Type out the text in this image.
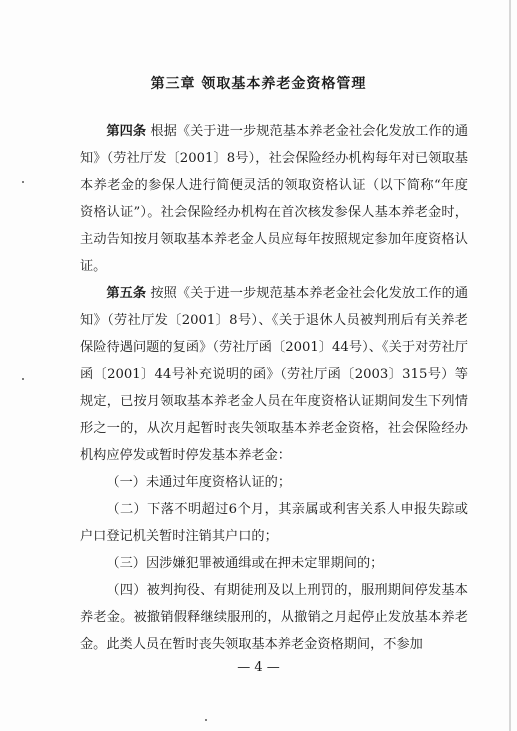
第三章 领取基本养老金资格管理

第四条 根据《关于进一步规范基本养老金社会化发放工作的通知》（劳社厅发〔2001〕8号），社会保险经办机构每年对已领取基本养老金的参保人进行简便灵活的领取资格认证（以下简称“年度资格认证”）。社会保险经办机构在首次核发参保人基本养老金时，主动告知按月领取基本养老金人员应每年按照规定参加年度资格认证。

第五条 按照《关于进一步规范基本养老金社会化发放工作的通知》（劳社厅发〔2001〕8号）、《关于退休人员被判刑后有关养老保险待遇问题的复函》（劳社厅函〔2001〕44号）、《关于对劳社厅函〔2001〕44号补充说明的函》（劳社厅函〔2003〕315号）等规定，已按月领取基本养老金人员在年度资格认证期间发生下列情形之一的，从次月起暂时丧失领取基本养老金资格，社会保险经办机构应停发或暂时停发基本养老金：

（一）未通过年度资格认证的；

（二）下落不明超过6个月，其亲属或利害关系人申报失踪或户口登记机关暂时注销其户口的；

（三）因涉嫌犯罪被通缉或在押未定罪期间的；

（四）被判拘役、有期徒刑及以上刑罚的，服刑期间停发基本养老金。被撤销假释继续服刑的，从撤销之月起停止发放基本养老金。此类人员在暂时丧失领取基本养老金资格期间，不参加

— 4 —
